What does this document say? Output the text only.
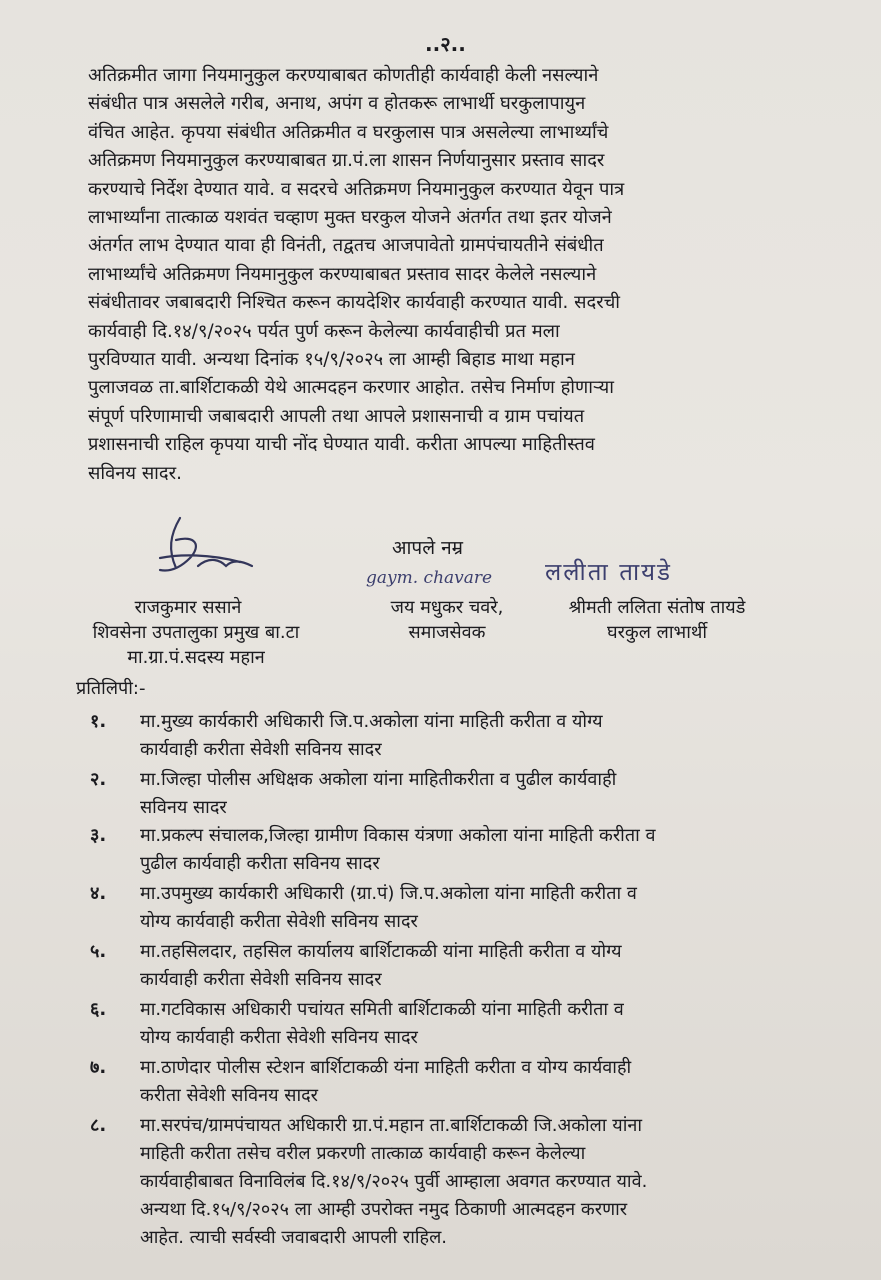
..२..
अतिक्रमीत जागा नियमानुकुल करण्याबाबत कोणतीही कार्यवाही केली नसल्याने
संबंधीत पात्र असलेले गरीब, अनाथ, अपंग व होतकरू लाभार्थी घरकुलापायुन
वंचित आहेत. कृपया संबंधीत अतिक्रमीत व घरकुलास पात्र असलेल्या लाभार्थ्यांचे
अतिक्रमण नियमानुकुल करण्याबाबत ग्रा.पं.ला शासन निर्णयानुसार प्रस्ताव सादर
करण्याचे निर्देश देण्यात यावे. व सदरचे अतिक्रमण नियमानुकुल करण्यात येवून पात्र
लाभार्थ्यांना तात्काळ यशवंत चव्हाण मुक्त घरकुल योजने अंतर्गत तथा इतर योजने
अंतर्गत लाभ देण्यात यावा ही विनंती, तद्वतच आजपावेतो ग्रामपंचायतीने संबंधीत
लाभार्थ्यांचे अतिक्रमण नियमानुकुल करण्याबाबत प्रस्ताव सादर केलेले नसल्याने
संबंधीतावर जबाबदारी निश्चित करून कायदेशिर कार्यवाही करण्यात यावी. सदरची
कार्यवाही दि.१४/९/२०२५ पर्यत पुर्ण करून केलेल्या कार्यवाहीची प्रत मला
पुरविण्यात यावी. अन्यथा दिनांक १५/९/२०२५ ला आम्ही बिहाड माथा महान
पुलाजवळ ता.बार्शिटाकळी येथे आत्मदहन करणार आहोत. तसेच निर्माण होणाऱ्या
संपूर्ण परिणामाची जबाबदारी आपली तथा आपले प्रशासनाची व ग्राम पचांयत
प्रशासनाची राहिल कृपया याची नोंद घेण्यात यावी. करीता आपल्या माहितीस्तव
सविनय सादर.
आपले नम्र
gaym. chavare ललीता तायडे
राजकुमार ससाने
शिवसेना उपतालुका प्रमुख बा.टा
मा.ग्रा.पं.सदस्य महान
जय मधुकर चवरे,
समाजसेवक
श्रीमती ललिता संतोष तायडे
घरकुल लाभार्थी
प्रतिलिपी:-
१. मा.मुख्य कार्यकारी अधिकारी जि.प.अकोला यांना माहिती करीता व योग्य
कार्यवाही करीता सेवेशी सविनय सादर
२. मा.जिल्हा पोलीस अधिक्षक अकोला यांना माहितीकरीता व पुढील कार्यवाही
सविनय सादर
३. मा.प्रकल्प संचालक,जिल्हा ग्रामीण विकास यंत्रणा अकोला यांना माहिती करीता व
पुढील कार्यवाही करीता सविनय सादर
४. मा.उपमुख्य कार्यकारी अधिकारी (ग्रा.पं) जि.प.अकोला यांना माहिती करीता व
योग्य कार्यवाही करीता सेवेशी सविनय सादर
५. मा.तहसिलदार, तहसिल कार्यालय बार्शिटाकळी यांना माहिती करीता व योग्य
कार्यवाही करीता सेवेशी सविनय सादर
६. मा.गटविकास अधिकारी पचांयत समिती बार्शिटाकळी यांना माहिती करीता व
योग्य कार्यवाही करीता सेवेशी सविनय सादर
७. मा.ठाणेदार पोलीस स्टेशन बार्शिटाकळी यंना माहिती करीता व योग्य कार्यवाही
करीता सेवेशी सविनय सादर
८. मा.सरपंच/ग्रामपंचायत अधिकारी ग्रा.पं.महान ता.बार्शिटाकळी जि.अकोला यांना
माहिती करीता तसेच वरील प्रकरणी तात्काळ कार्यवाही करून केलेल्या
कार्यवाहीबाबत विनाविलंब दि.१४/९/२०२५ पुर्वी आम्हाला अवगत करण्यात यावे.
अन्यथा दि.१५/९/२०२५ ला आम्ही उपरोक्त नमुद ठिकाणी आत्मदहन करणार
आहेत. त्याची सर्वस्वी जवाबदारी आपली राहिल.
